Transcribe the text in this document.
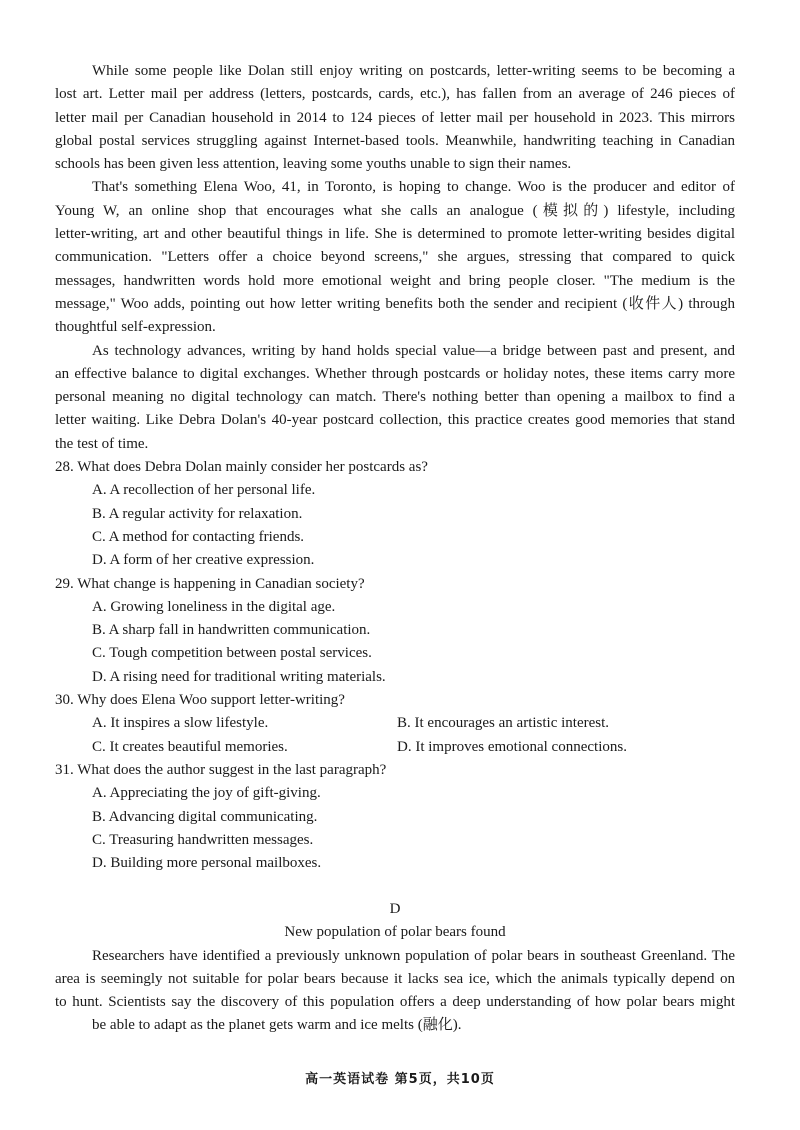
While some people like Dolan still enjoy writing on postcards, letter-writing seems to be becoming a
lost art. Letter mail per address (letters, postcards, cards, etc.), has fallen from an average of 246 pieces of
letter mail per Canadian household in 2014 to 124 pieces of letter mail per household in 2023. This mirrors
global postal services struggling against Internet-based tools. Meanwhile, handwriting teaching in Canadian
schools has been given less attention, leaving some youths unable to sign their names.
That's something Elena Woo, 41, in Toronto, is hoping to change. Woo is the producer and editor of
Young W, an online shop that encourages what she calls an analogue (模拟的) lifestyle, including
letter-writing, art and other beautiful things in life. She is determined to promote letter-writing besides digital
communication. "Letters offer a choice beyond screens," she argues, stressing that compared to quick
messages, handwritten words hold more emotional weight and bring people closer. "The medium is the
message," Woo adds, pointing out how letter writing benefits both the sender and recipient (收件人) through
thoughtful self-expression.
As technology advances, writing by hand holds special value—a bridge between past and present, and
an effective balance to digital exchanges. Whether through postcards or holiday notes, these items carry more
personal meaning no digital technology can match. There's nothing better than opening a mailbox to find a
letter waiting. Like Debra Dolan's 40-year postcard collection, this practice creates good memories that stand
the test of time.
28. What does Debra Dolan mainly consider her postcards as?
A. A recollection of her personal life.
B. A regular activity for relaxation.
C. A method for contacting friends.
D. A form of her creative expression.
29. What change is happening in Canadian society?
A. Growing loneliness in the digital age.
B. A sharp fall in handwritten communication.
C. Tough competition between postal services.
D. A rising need for traditional writing materials.
30. Why does Elena Woo support letter-writing?
A. It inspires a slow lifestyle.	B. It encourages an artistic interest.
C. It creates beautiful memories.	D. It improves emotional connections.
31. What does the author suggest in the last paragraph?
A. Appreciating the joy of gift-giving.
B. Advancing digital communicating.
C. Treasuring handwritten messages.
D. Building more personal mailboxes.
D
New population of polar bears found
Researchers have identified a previously unknown population of polar bears in southeast Greenland. The
area is seemingly not suitable for polar bears because it lacks sea ice, which the animals typically depend on
to hunt. Scientists say the discovery of this population offers a deep understanding of how polar bears might
be able to adapt as the planet gets warm and ice melts (融化).
高一英语试卷 第5页，共10页
